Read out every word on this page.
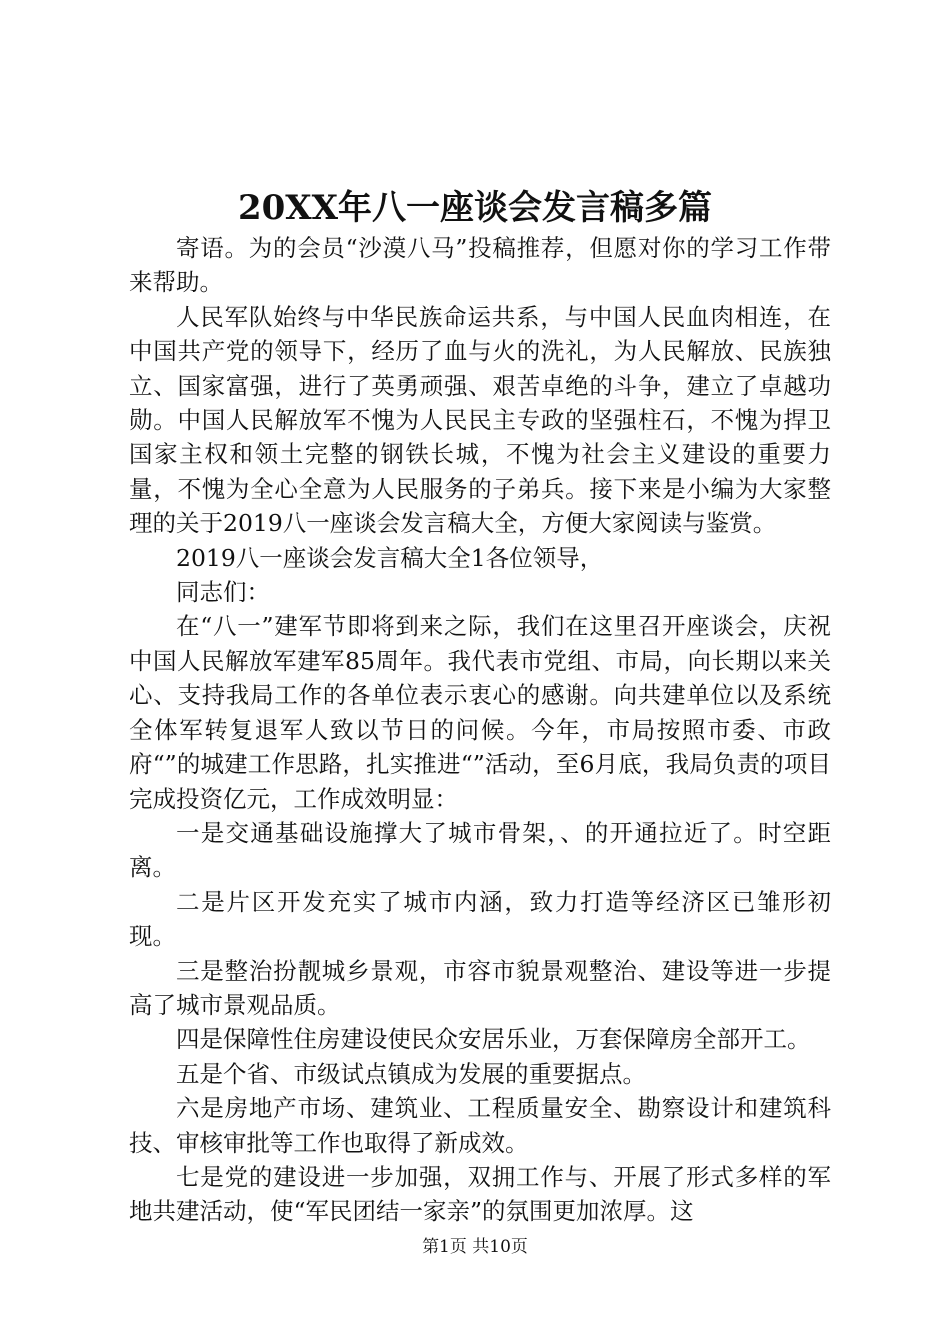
20XX年八一座谈会发言稿多篇

寄语。为的会员“沙漠八马”投稿推荐，但愿对你的学习工作带来帮助。

人民军队始终与中华民族命运共系，与中国人民血肉相连，在中国共产党的领导下，经历了血与火的洗礼，为人民解放、民族独立、国家富强，进行了英勇顽强、艰苦卓绝的斗争，建立了卓越功勋。中国人民解放军不愧为人民民主专政的坚强柱石，不愧为捍卫国家主权和领土完整的钢铁长城，不愧为社会主义建设的重要力量，不愧为全心全意为人民服务的子弟兵。接下来是小编为大家整理的关于2019八一座谈会发言稿大全，方便大家阅读与鉴赏。

2019八一座谈会发言稿大全1各位领导，

同志们：

在“八一”建军节即将到来之际，我们在这里召开座谈会，庆祝中国人民解放军建军85周年。我代表市党组、市局，向长期以来关心、支持我局工作的各单位表示衷心的感谢。向共建单位以及系统全体军转复退军人致以节日的问候。今年，市局按照市委、市政府“”的城建工作思路，扎实推进“”活动，至6月底，我局负责的项目完成投资亿元，工作成效明显：

一是交通基础设施撑大了城市骨架，、的开通拉近了。时空距离。

二是片区开发充实了城市内涵，致力打造等经济区已雏形初现。

三是整治扮靓城乡景观，市容市貌景观整治、建设等进一步提高了城市景观品质。

四是保障性住房建设使民众安居乐业，万套保障房全部开工。

五是个省、市级试点镇成为发展的重要据点。

六是房地产市场、建筑业、工程质量安全、勘察设计和建筑科技、审核审批等工作也取得了新成效。

七是党的建设进一步加强，双拥工作与、开展了形式多样的军地共建活动，使“军民团结一家亲”的氛围更加浓厚。这

第1页 共10页
